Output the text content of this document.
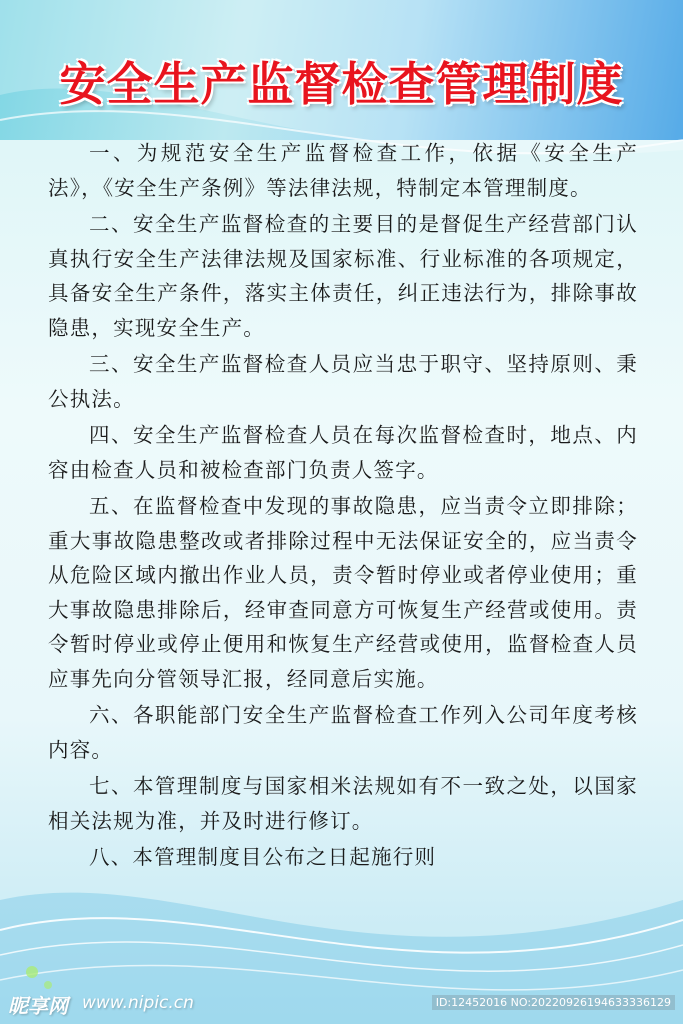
安全生产监督检查管理制度

一、为规范安全生产监督检查工作，依据《安全生产法》，《安全生产条例》等法律法规，特制定本管理制度。

二、安全生产监督检查的主要目的是督促生产经营部门认真执行安全生产法律法规及国家标准、行业标准的各项规定，具备安全生产条件，落实主体责任，纠正违法行为，排除事故隐患，实现安全生产。

三、安全生产监督检查人员应当忠于职守、坚持原则、秉公执法。

四、安全生产监督检查人员在每次监督检查时，地点、内容由检查人员和被检查部门负责人签字。

五、在监督检查中发现的事故隐患，应当责令立即排除；重大事故隐患整改或者排除过程中无法保证安全的，应当责令从危险区域内撤出作业人员，责令暂时停业或者停业使用；重大事故隐患排除后，经审查同意方可恢复生产经营或使用。责令暂时停业或停止便用和恢复生产经营或使用，监督检查人员应事先向分管领导汇报，经同意后实施。

六、各职能部门安全生产监督检查工作列入公司年度考核内容。

七、本管理制度与国家相米法规如有不一致之处，以国家相关法规为准，并及时进行修订。

八、本管理制度目公布之日起施行则

昵享网 www.nipic.cn	ID:12452016 NO:20220926194633336129
